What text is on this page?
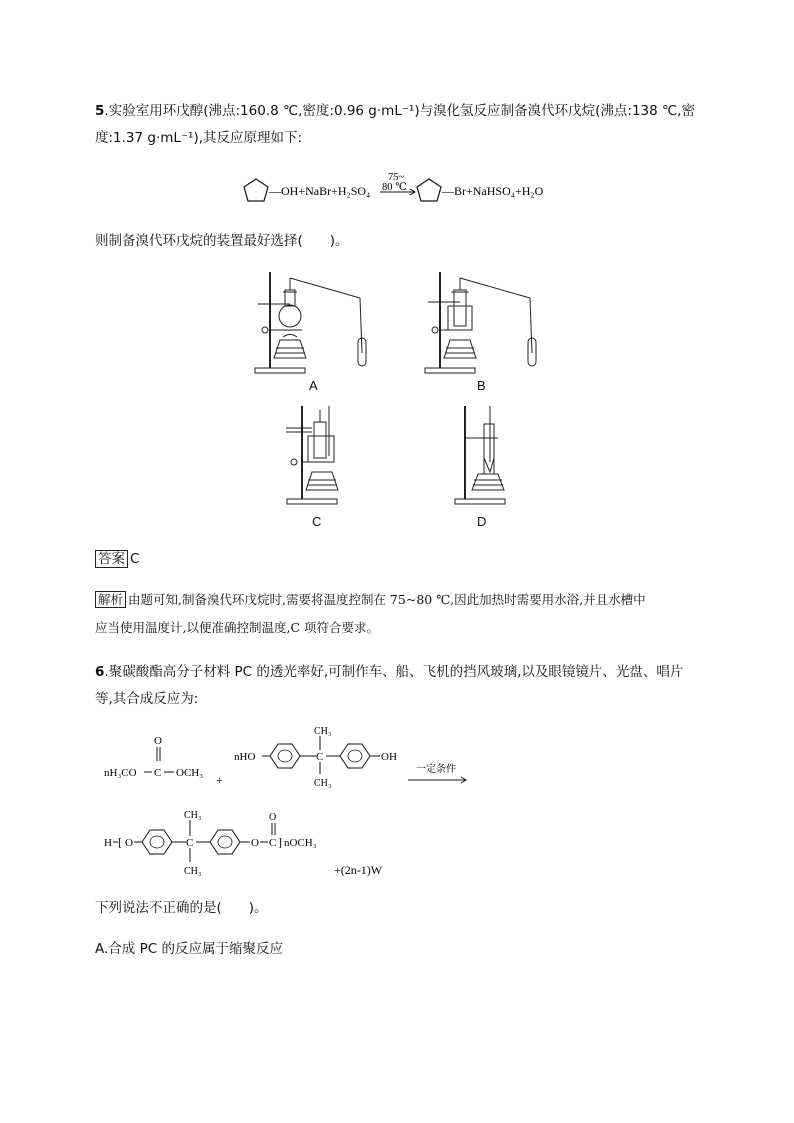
5.实验室用环戊醇(沸点:160.8 ℃,密度:0.96 g·mL⁻¹)与溴化氢反应制备溴代环戊烷(沸点:138 ℃,密
度:1.37 g·mL⁻¹),其反应原理如下:
—OH+NaBr+H₂SO₄
75~
80 ℃	—Br+NaHSO₄+H₂O
则制备溴代环戊烷的装置最好选择(　　)。
A	B
C	D
答案 C
解析 由题可知,制备溴代环戊烷时,需要将温度控制在 75~80 ℃,因此加热时需要用水浴,并且水槽中
应当使用温度计,以便准确控制温度,C 项符合要求。
6.聚碳酸酯高分子材料 PC 的透光率好,可制作车、船、飞机的挡风玻璃,以及眼镜镜片、光盘、唱片
等,其合成反应为:
O
nH₃CO C OCH₃ +
nHO
CH₃
C
CH₃
OH
一定条件
H [ O
CH₃
C
CH₃
O
O
C ] nOCH₃
+(2n-1)W
下列说法不正确的是(　　)。
A.合成 PC 的反应属于缩聚反应
